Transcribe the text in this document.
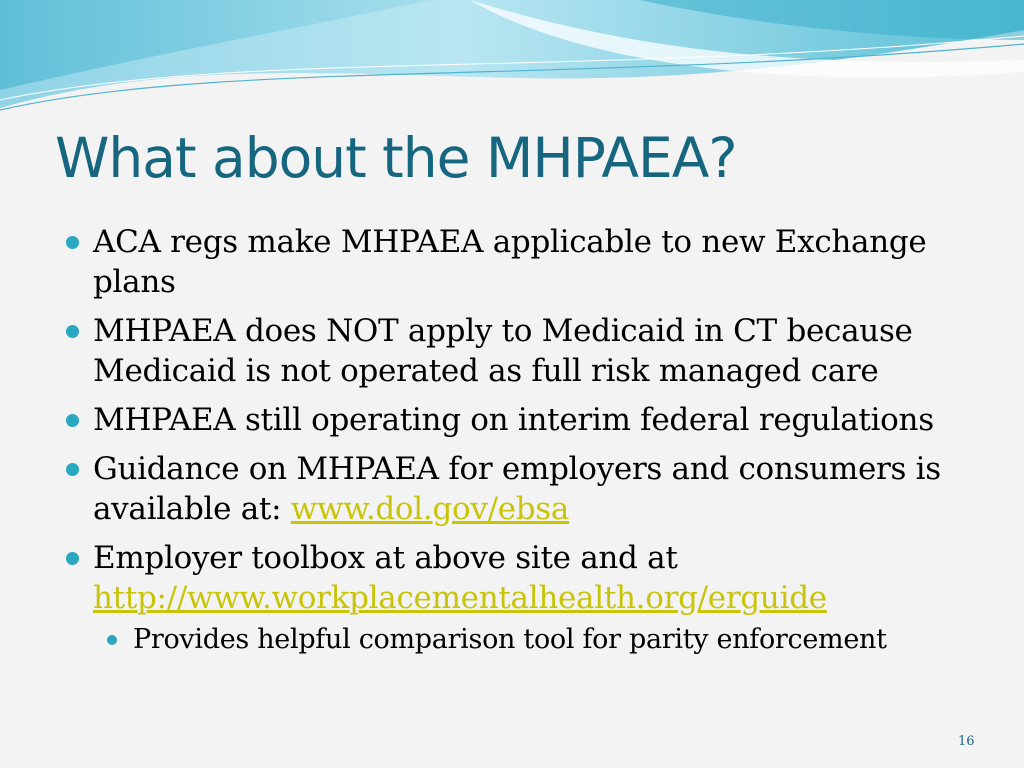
What about the MHPAEA?
ACA regs make MHPAEA applicable to new Exchange plans
MHPAEA does NOT apply to Medicaid in CT because Medicaid is not operated as full risk managed care
MHPAEA still operating on interim federal regulations
Guidance on MHPAEA for employers and consumers is available at: www.dol.gov/ebsa
Employer toolbox at above site and at http://www.workplacementalhealth.org/erguide
Provides helpful comparison tool for parity enforcement
16
